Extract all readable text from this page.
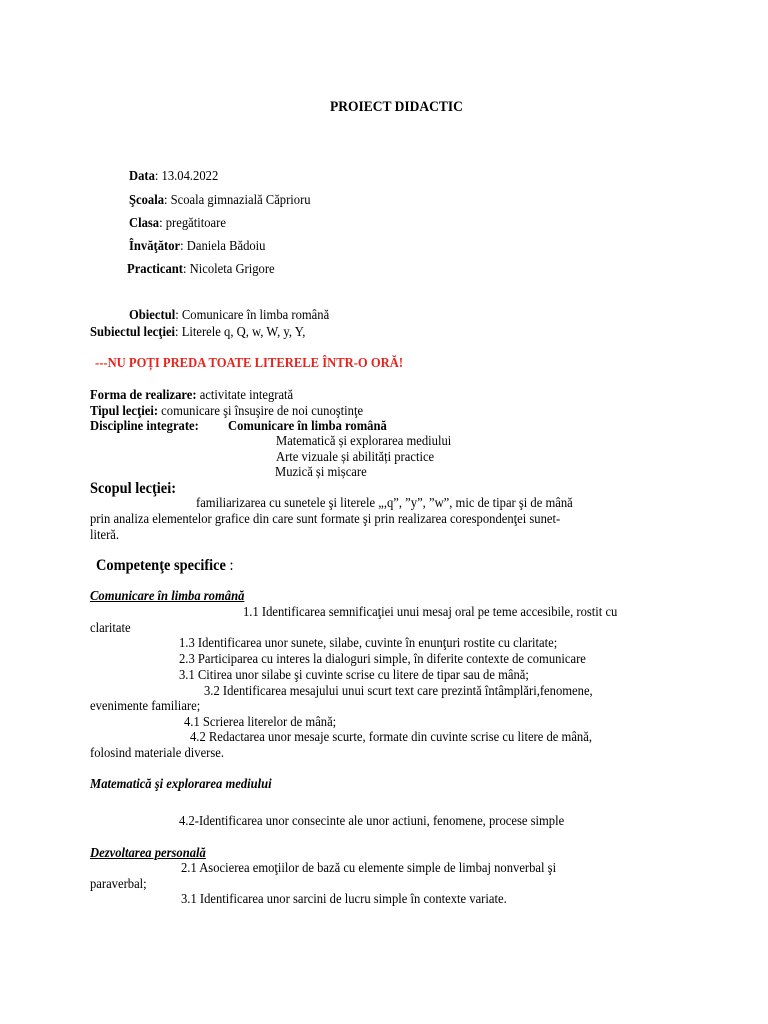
PROIECT DIDACTIC
Data: 13.04.2022
Şcoala: Scoala gimnazială Căprioru
Clasa: pregătitoare
Învăţător: Daniela Bădoiu
Practicant: Nicoleta Grigore
Obiectul: Comunicare în limba română
Subiectul lecţiei: Literele q, Q, w, W, y, Y,
---NU POȚI PREDA TOATE LITERELE ÎNTR-O ORĂ!
Forma de realizare: activitate integrată
Tipul lecţiei: comunicare şi însuşire de noi cunoştinţe
Discipline integrate: Comunicare în limba română
Matematică și explorarea mediului
Arte vizuale și abilități practice
Muzică și mișcare
Scopul lecţiei:
familiarizarea cu sunetele şi literele „,q”, ”y”, ”w”, mic de tipar şi de mână
prin analiza elementelor grafice din care sunt formate şi prin realizarea corespondenţei sunet-
literă.
Competenţe specifice :
Comunicare în limba română
1.1 Identificarea semnificaţiei unui mesaj oral pe teme accesibile, rostit cu
claritate
1.3 Identificarea unor sunete, silabe, cuvinte în enunţuri rostite cu claritate;
2.3 Participarea cu interes la dialoguri simple, în diferite contexte de comunicare
3.1 Citirea unor silabe şi cuvinte scrise cu litere de tipar sau de mână;
3.2 Identificarea mesajului unui scurt text care prezintă întâmplări,fenomene,
evenimente familiare;
4.1 Scrierea literelor de mână;
4.2 Redactarea unor mesaje scurte, formate din cuvinte scrise cu litere de mână,
folosind materiale diverse.
Matematică şi explorarea mediului
4.2-Identificarea unor consecinte ale unor actiuni, fenomene, procese simple
Dezvoltarea personală
2.1 Asocierea emoţiilor de bază cu elemente simple de limbaj nonverbal şi
paraverbal;
3.1 Identificarea unor sarcini de lucru simple în contexte variate.
